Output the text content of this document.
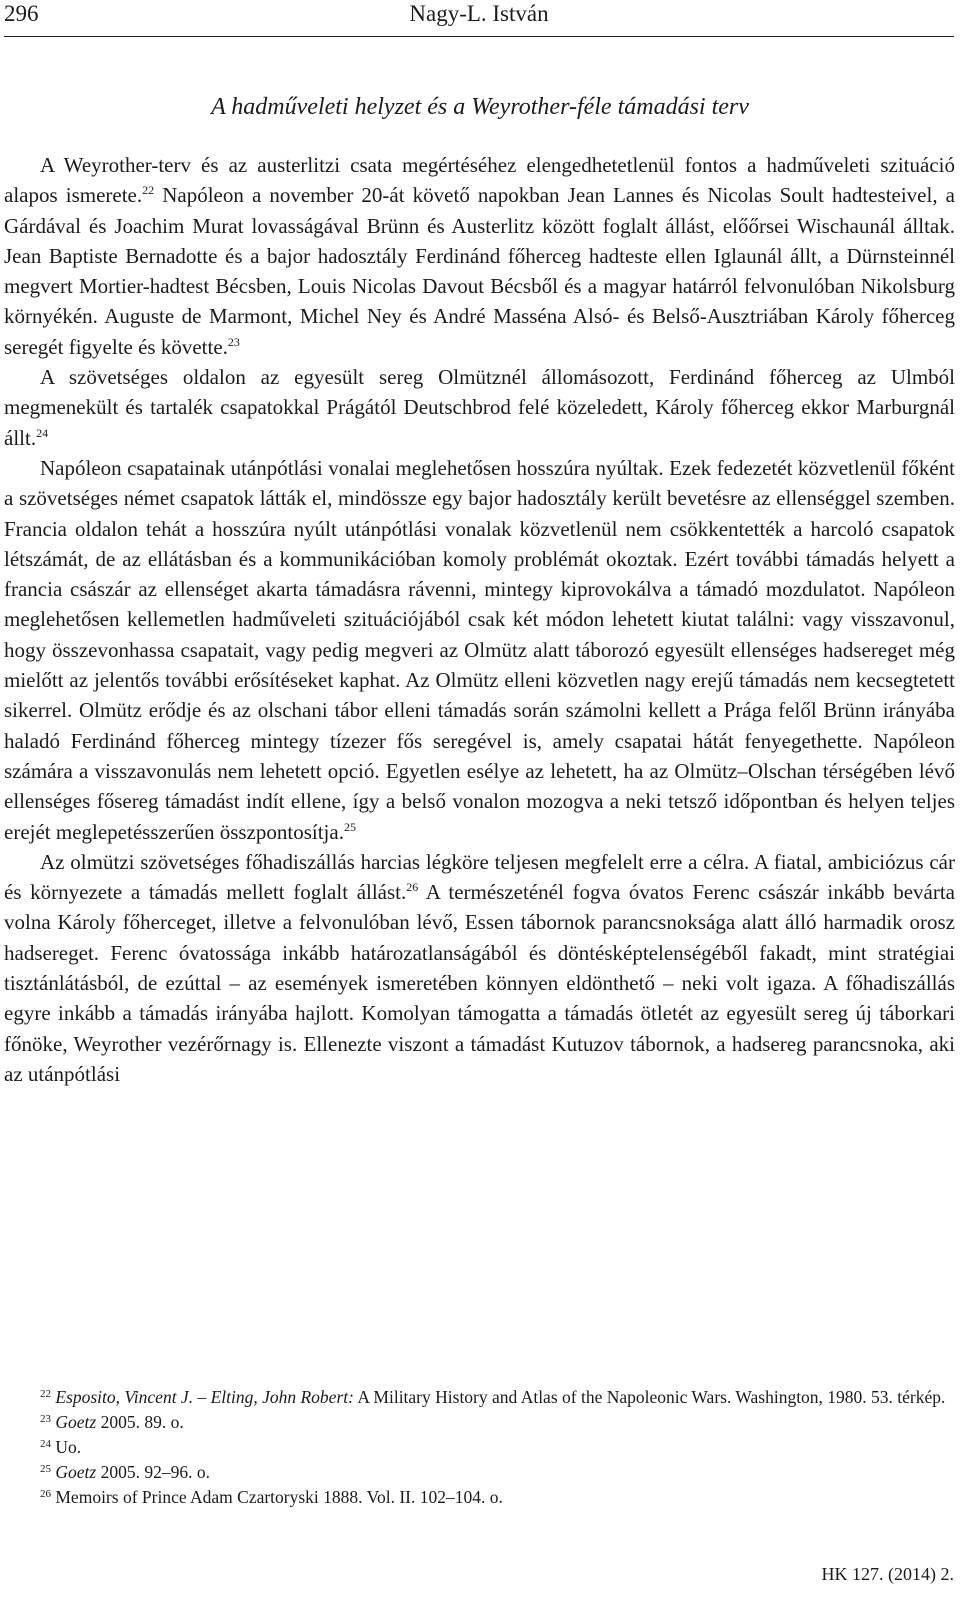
296	Nagy-L. István
A hadműveleti helyzet és a Weyrother-féle támadási terv

A Weyrother-terv és az austerlitzi csata megértéséhez elengedhetetlenül fontos a hadműveleti szituáció alapos ismerete.$^{22}$ Napóleon a november 20-át követő napokban Jean Lannes és Nicolas Soult hadtesteivel, a Gárdával és Joachim Murat lovasságával Brünn és Austerlitz között foglalt állást, előőrsei Wischaunál álltak. Jean Baptiste Bernadotte és a bajor hadosztály Ferdinánd főherceg hadteste ellen Iglaunál állt, a Dürnsteinnél megvert Mortier-hadtest Bécsben, Louis Nicolas Davout Bécsből és a magyar határról felvonulóban Nikolsburg környékén. Auguste de Marmont, Michel Ney és André Masséna Alsó- és Belső-Ausztriában Károly főherceg seregét figyelte és követte.$^{23}$

A szövetséges oldalon az egyesült sereg Olmütznél állomásozott, Ferdinánd főherceg az Ulmból megmenekült és tartalék csapatokkal Prágától Deutschbrod felé közeledett, Károly főherceg ekkor Marburgnál állt.$^{24}$

Napóleon csapatainak utánpótlási vonalai meglehetősen hosszúra nyúltak. Ezek fedezetét közvetlenül főként a szövetséges német csapatok látták el, mindössze egy bajor hadosztály került bevetésre az ellenséggel szemben. Francia oldalon tehát a hosszúra nyúlt utánpótlási vonalak közvetlenül nem csökkentették a harcoló csapatok létszámát, de az ellátásban és a kommunikációban komoly problémát okoztak. Ezért további támadás helyett a francia császár az ellenséget akarta támadásra rávenni, mintegy kiprovokálva a támadó mozdulatot. Napóleon meglehetősen kellemetlen hadműveleti szituációjából csak két módon lehetett kiutat találni: vagy visszavonul, hogy összevonhassa csapatait, vagy pedig megveri az Olmütz alatt táborozó egyesült ellenséges hadsereget még mielőtt az jelentős további erősítéseket kaphat. Az Olmütz elleni közvetlen nagy erejű támadás nem kecsegtetett sikerrel. Olmütz erődje és az olschani tábor elleni támadás során számolni kellett a Prága felől Brünn irányába haladó Ferdinánd főherceg mintegy tízezer fős seregével is, amely csapatai hátát fenyegethette. Napóleon számára a visszavonulás nem lehetett opció. Egyetlen esélye az lehetett, ha az Olmütz–Olschan térségében lévő ellenséges fősereg támadást indít ellene, így a belső vonalon mozogva a neki tetsző időpontban és helyen teljes erejét meglepetésszerűen összpontosítja.$^{25}$

Az olmützi szövetséges főhadiszállás harcias légköre teljesen megfelelt erre a célra. A fiatal, ambiciózus cár és környezete a támadás mellett foglalt állást.$^{26}$ A természeténél fogva óvatos Ferenc császár inkább bevárta volna Károly főherceget, illetve a felvonulóban lévő, Essen tábornok parancsnoksága alatt álló harmadik orosz hadsereget. Ferenc óvatossága inkább határozatlanságából és döntésképtelenségéből fakadt, mint stratégiai tisztánlátásból, de ezúttal – az események ismeretében könnyen eldönthető – neki volt igaza. A főhadiszállás egyre inkább a támadás irányába hajlott. Komolyan támogatta a támadás ötletét az egyesült sereg új táborkari főnöke, Weyrother vezérőrnagy is. Ellenezte viszont a támadást Kutuzov tábornok, a hadsereg parancsnoka, aki az utánpótlási

$^{22}$ Esposito, Vincent J. – Elting, John Robert: A Military History and Atlas of the Napoleonic Wars. Washington, 1980. 53. térkép.

$^{23}$ Goetz 2005. 89. o.

$^{24}$ Uo.

$^{25}$ Goetz 2005. 92–96. o.

$^{26}$ Memoirs of Prince Adam Czartoryski 1888. Vol. II. 102–104. o.

HK 127. (2014) 2.
